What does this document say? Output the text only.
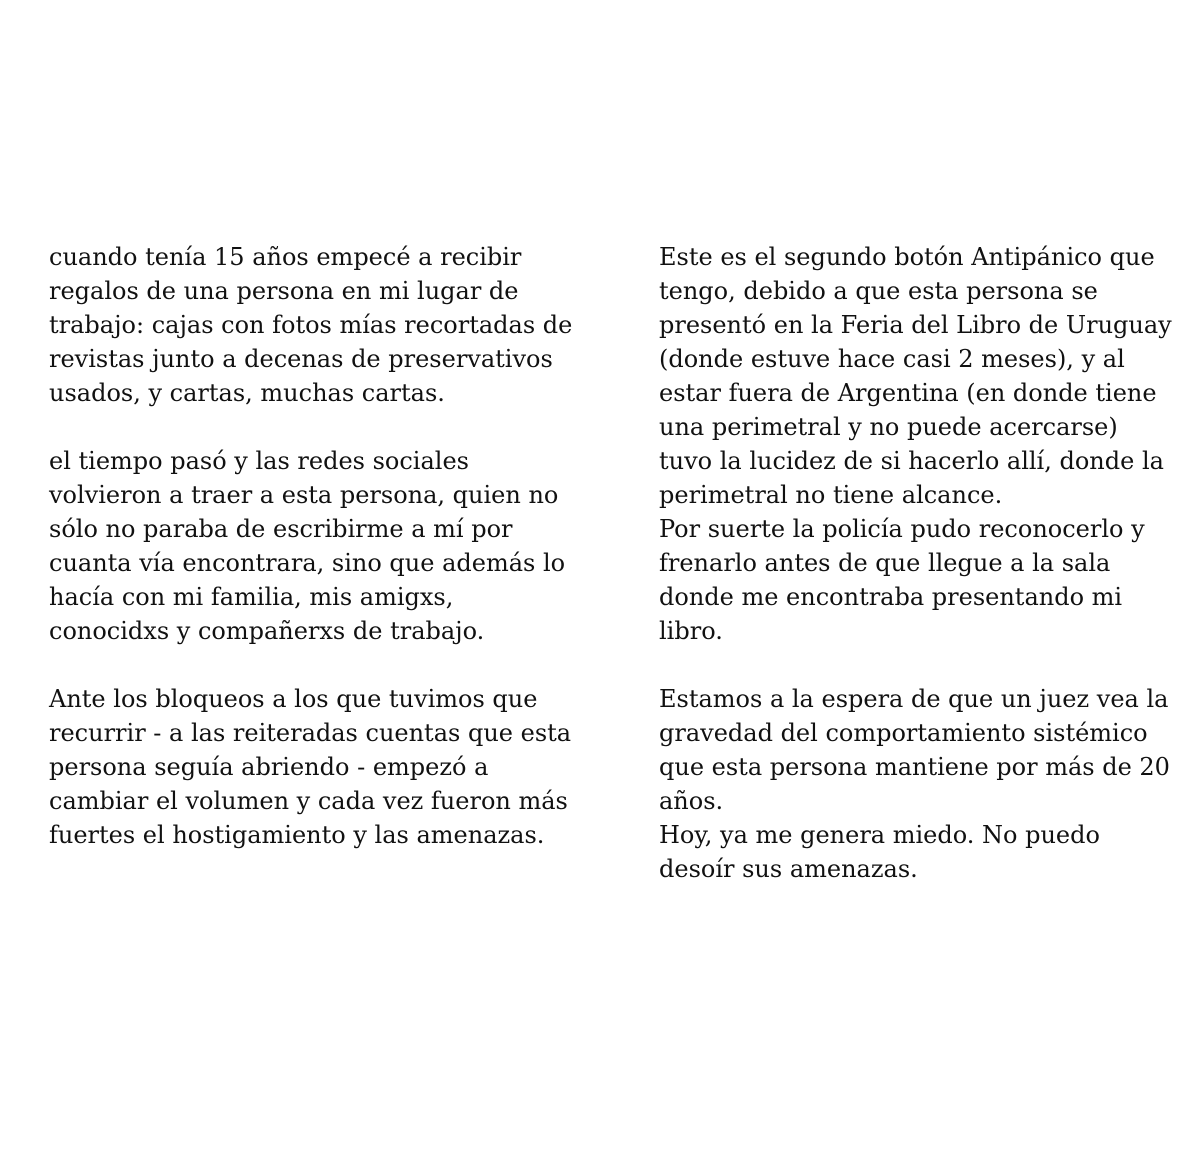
cuando tenía 15 años empecé a recibir
regalos de una persona en mi lugar de
trabajo: cajas con fotos mías recortadas de
revistas junto a decenas de preservativos
usados, y cartas, muchas cartas.
el tiempo pasó y las redes sociales
volvieron a traer a esta persona, quien no
sólo no paraba de escribirme a mí por
cuanta vía encontrara, sino que además lo
hacía con mi familia, mis amigxs,
conocidxs y compañerxs de trabajo.
Ante los bloqueos a los que tuvimos que
recurrir - a las reiteradas cuentas que esta
persona seguía abriendo - empezó a
cambiar el volumen y cada vez fueron más
fuertes el hostigamiento y las amenazas.
Este es el segundo botón Antipánico que
tengo, debido a que esta persona se
presentó en la Feria del Libro de Uruguay
(donde estuve hace casi 2 meses), y al
estar fuera de Argentina (en donde tiene
una perimetral y no puede acercarse)
tuvo la lucidez de si hacerlo allí, donde la
perimetral no tiene alcance.
Por suerte la policía pudo reconocerlo y
frenarlo antes de que llegue a la sala
donde me encontraba presentando mi
libro.
Estamos a la espera de que un juez vea la
gravedad del comportamiento sistémico
que esta persona mantiene por más de 20
años.
Hoy, ya me genera miedo. No puedo
desoír sus amenazas.
